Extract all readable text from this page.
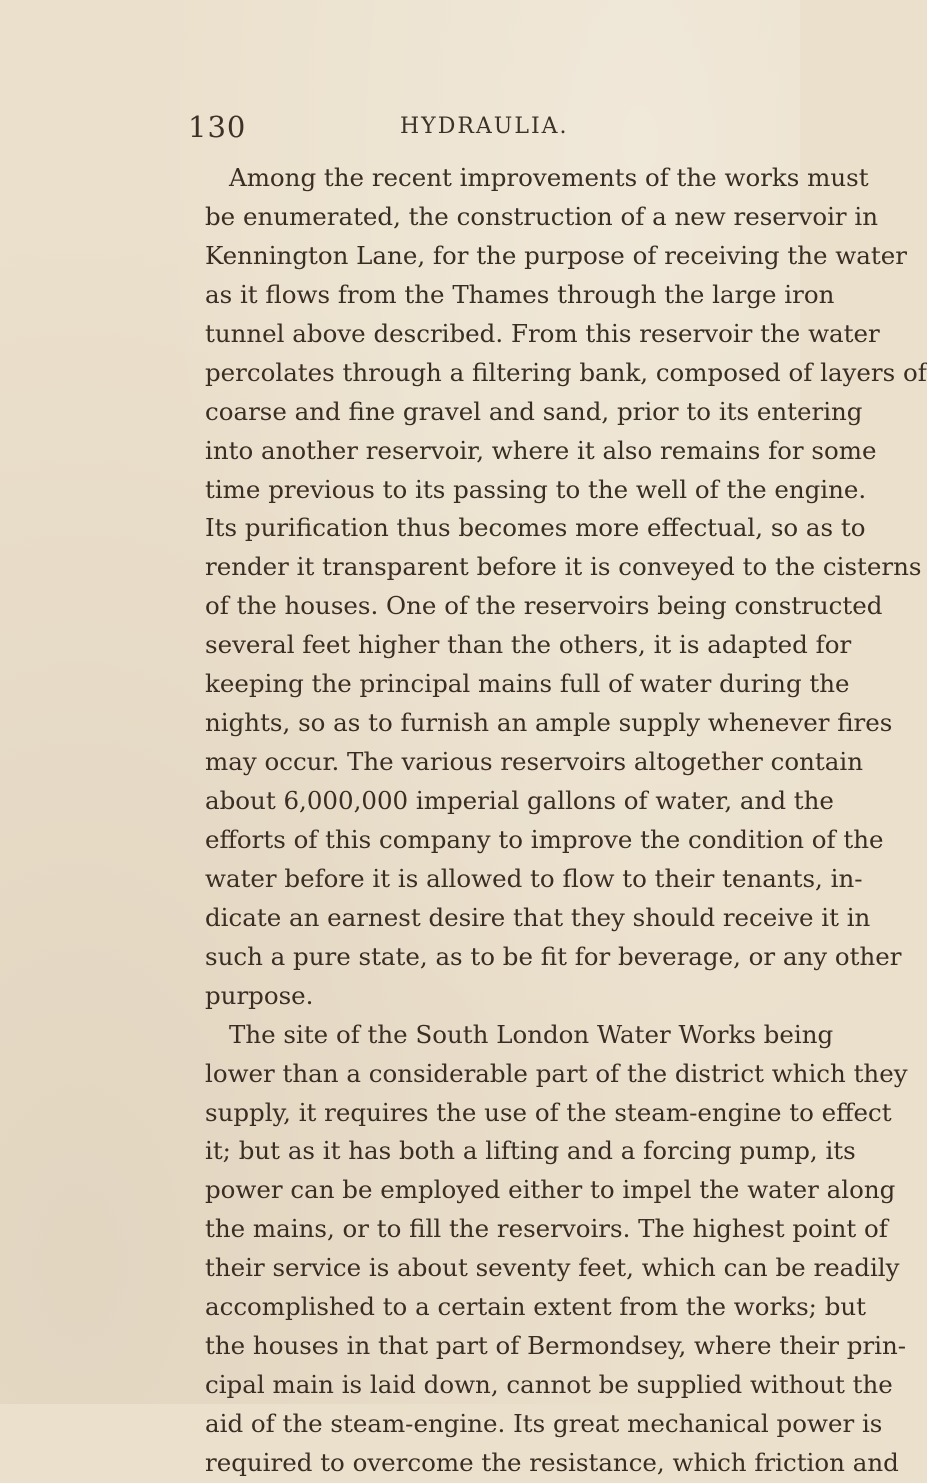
130	HYDRAULIA.
Among the recent improvements of the works must
be enumerated, the construction of a new reservoir in
Kennington Lane, for the purpose of receiving the water
as it flows from the Thames through the large iron
tunnel above described. From this reservoir the water
percolates through a filtering bank, composed of layers of
coarse and fine gravel and sand, prior to its entering
into another reservoir, where it also remains for some
time previous to its passing to the well of the engine.
Its purification thus becomes more effectual, so as to
render it transparent before it is conveyed to the cisterns
of the houses. One of the reservoirs being constructed
several feet higher than the others, it is adapted for
keeping the principal mains full of water during the
nights, so as to furnish an ample supply whenever fires
may occur. The various reservoirs altogether contain
about 6,000,000 imperial gallons of water, and the
efforts of this company to improve the condition of the
water before it is allowed to flow to their tenants, in-
dicate an earnest desire that they should receive it in
such a pure state, as to be fit for beverage, or any other
purpose.
The site of the South London Water Works being
lower than a considerable part of the district which they
supply, it requires the use of the steam-engine to effect
it; but as it has both a lifting and a forcing pump, its
power can be employed either to impel the water along
the mains, or to fill the reservoirs. The highest point of
their service is about seventy feet, which can be readily
accomplished to a certain extent from the works; but
the houses in that part of Bermondsey, where their prin-
cipal main is laid down, cannot be supplied without the
aid of the steam-engine. Its great mechanical power is
required to overcome the resistance, which friction and
